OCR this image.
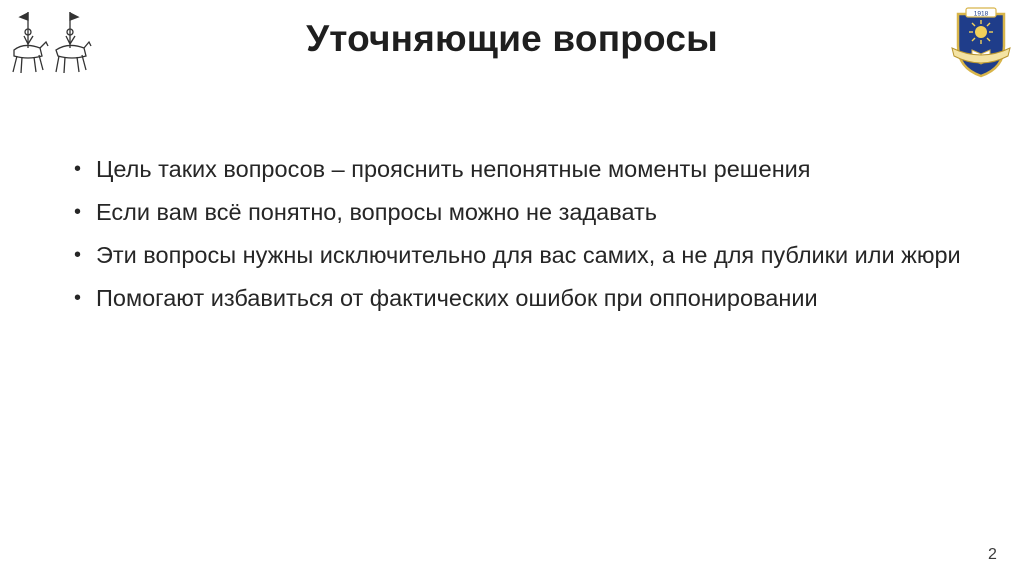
Уточняющие вопросы
1918
• Цель таких вопросов – прояснить непонятные моменты решения
• Если вам всё понятно, вопросы можно не задавать
• Эти вопросы нужны исключительно для вас самих, а не для публики или жюри
• Помогают избавиться от фактических ошибок при оппонировании
2
